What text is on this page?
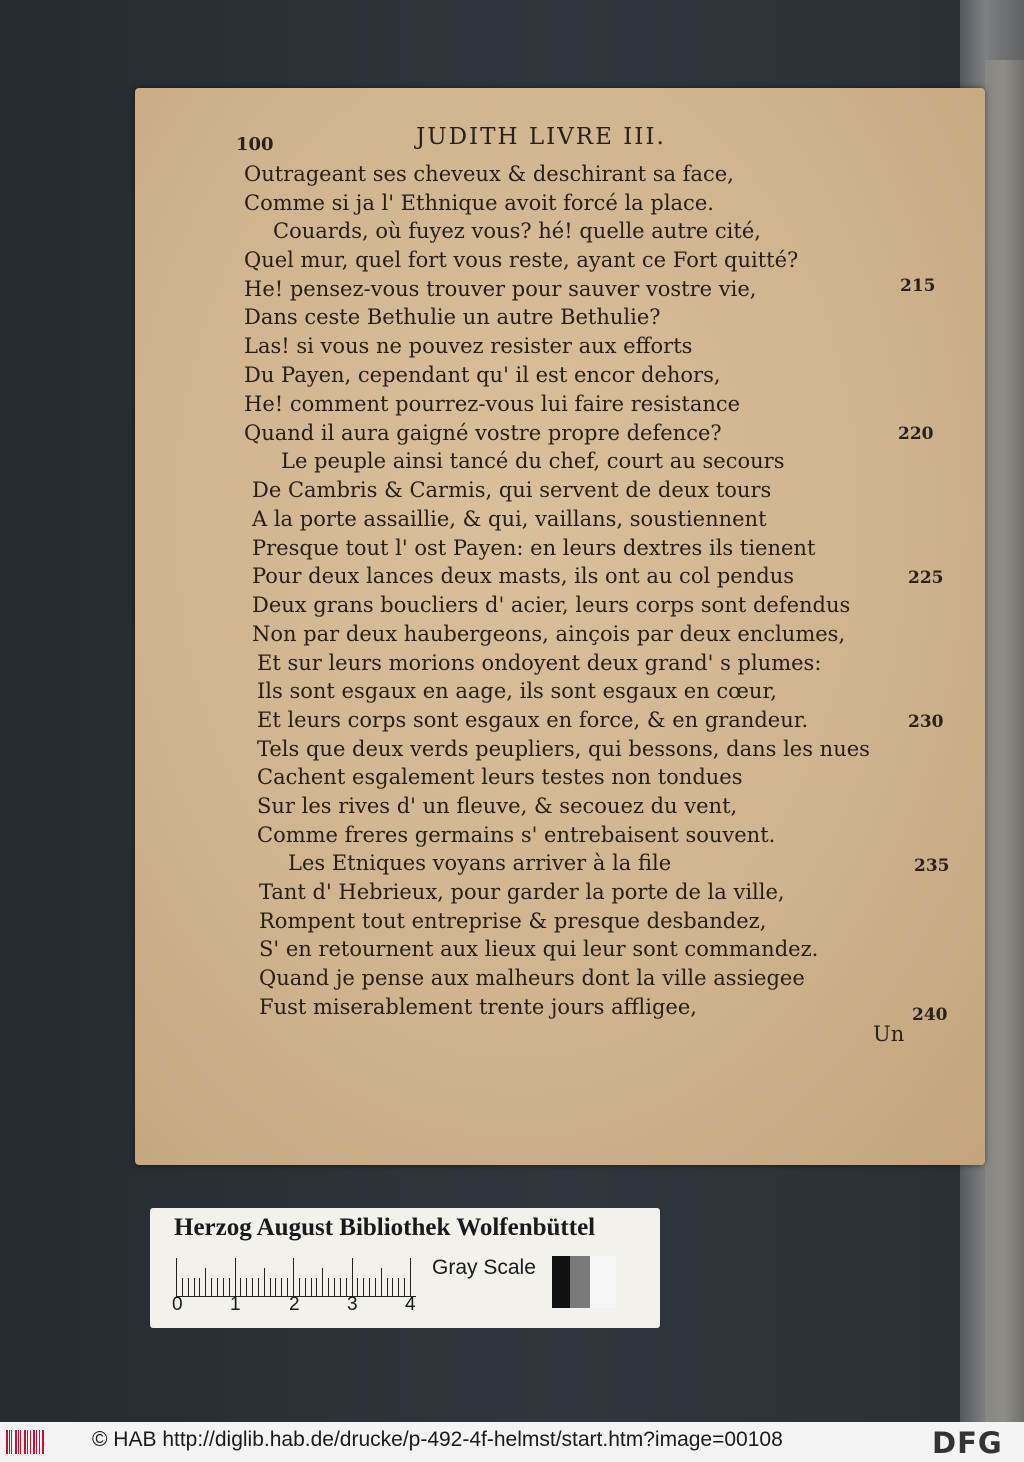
100	JUDITH LIVRE III.
Outrageant ses cheveux & deschirant sa face,
Comme si ja l' Ethnique avoit forcé la place.
Couards, où fuyez vous? hé! quelle autre cité,
Quel mur, quel fort vous reste, ayant ce Fort quitté?
He! pensez-vous trouver pour sauver vostre vie,
Dans ceste Bethulie un autre Bethulie?
Las! si vous ne pouvez resister aux efforts
Du Payen, cependant qu' il est encor dehors,
He! comment pourrez-vous lui faire resistance
Quand il aura gaigné vostre propre defence?
Le peuple ainsi tancé du chef, court au secours
De Cambris & Carmis, qui servent de deux tours
A la porte assaillie, & qui, vaillans, soustiennent
Presque tout l' ost Payen: en leurs dextres ils tienent
Pour deux lances deux masts, ils ont au col pendus
Deux grans boucliers d' acier, leurs corps sont defendus
Non par deux haubergeons, ainçois par deux enclumes,
Et sur leurs morions ondoyent deux grand' s plumes:
Ils sont esgaux en aage, ils sont esgaux en cœur,
Et leurs corps sont esgaux en force, & en grandeur.
Tels que deux verds peupliers, qui bessons, dans les nues
Cachent esgalement leurs testes non tondues
Sur les rives d' un fleuve, & secouez du vent,
Comme freres germains s' entrebaisent souvent.
Les Etniques voyans arriver à la file
Tant d' Hebrieux, pour garder la porte de la ville,
Rompent tout entreprise & presque desbandez,
S' en retournent aux lieux qui leur sont commandez.
Quand je pense aux malheurs dont la ville assiegee
Fust miserablement trente jours affligee,
215
220
225
230
235
240
Un
Herzog August Bibliothek Wolfenbüttel
0 1	2 3 4
Gray Scale
© HAB http://diglib.hab.de/drucke/p-492-4f-helmst/start.htm?image=00108	DFG
